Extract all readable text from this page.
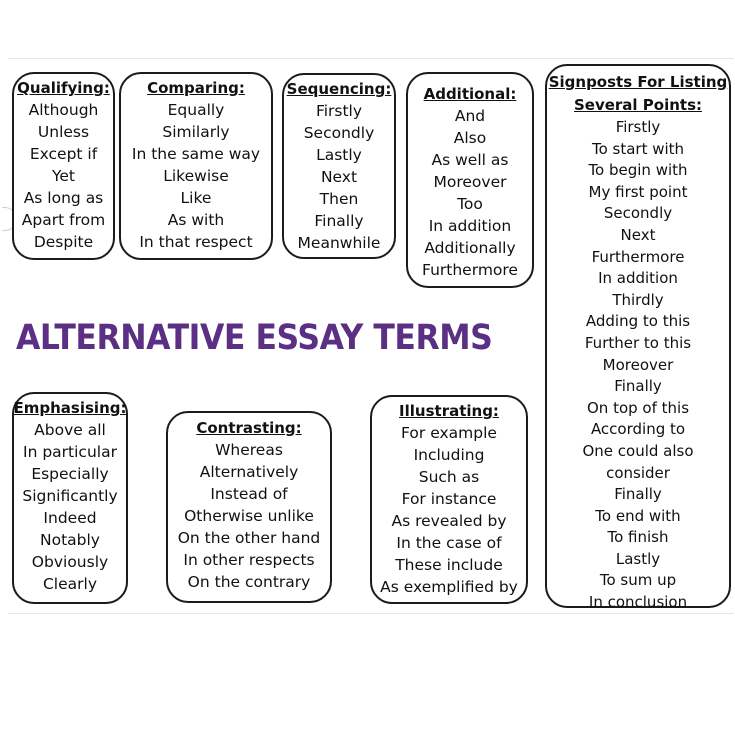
ALTERNATIVE ESSAY TERMS
Qualifying:
Although
Unless
Except if
Yet
As long as
Apart from
Despite
Comparing:
Equally
Similarly
In the same way
Likewise
Like
As with
In that respect
Sequencing:
Firstly
Secondly
Lastly
Next
Then
Finally
Meanwhile
Additional:
And
Also
As well as
Moreover
Too
In addition
Additionally
Furthermore
Signposts For Listing
Several Points:
Firstly
To start with
To begin with
My first point
Secondly
Next
Furthermore
In addition
Thirdly
Adding to this
Further to this
Moreover
Finally
On top of this
According to
One could also
consider
Finally
To end with
To finish
Lastly
To sum up
In conclusion
Emphasising:
Above all
In particular
Especially
Significantly
Indeed
Notably
Obviously
Clearly
Contrasting:
Whereas
Alternatively
Instead of
Otherwise unlike
On the other hand
In other respects
On the contrary
Illustrating:
For example
Including
Such as
For instance
As revealed by
In the case of
These include
As exemplified by
